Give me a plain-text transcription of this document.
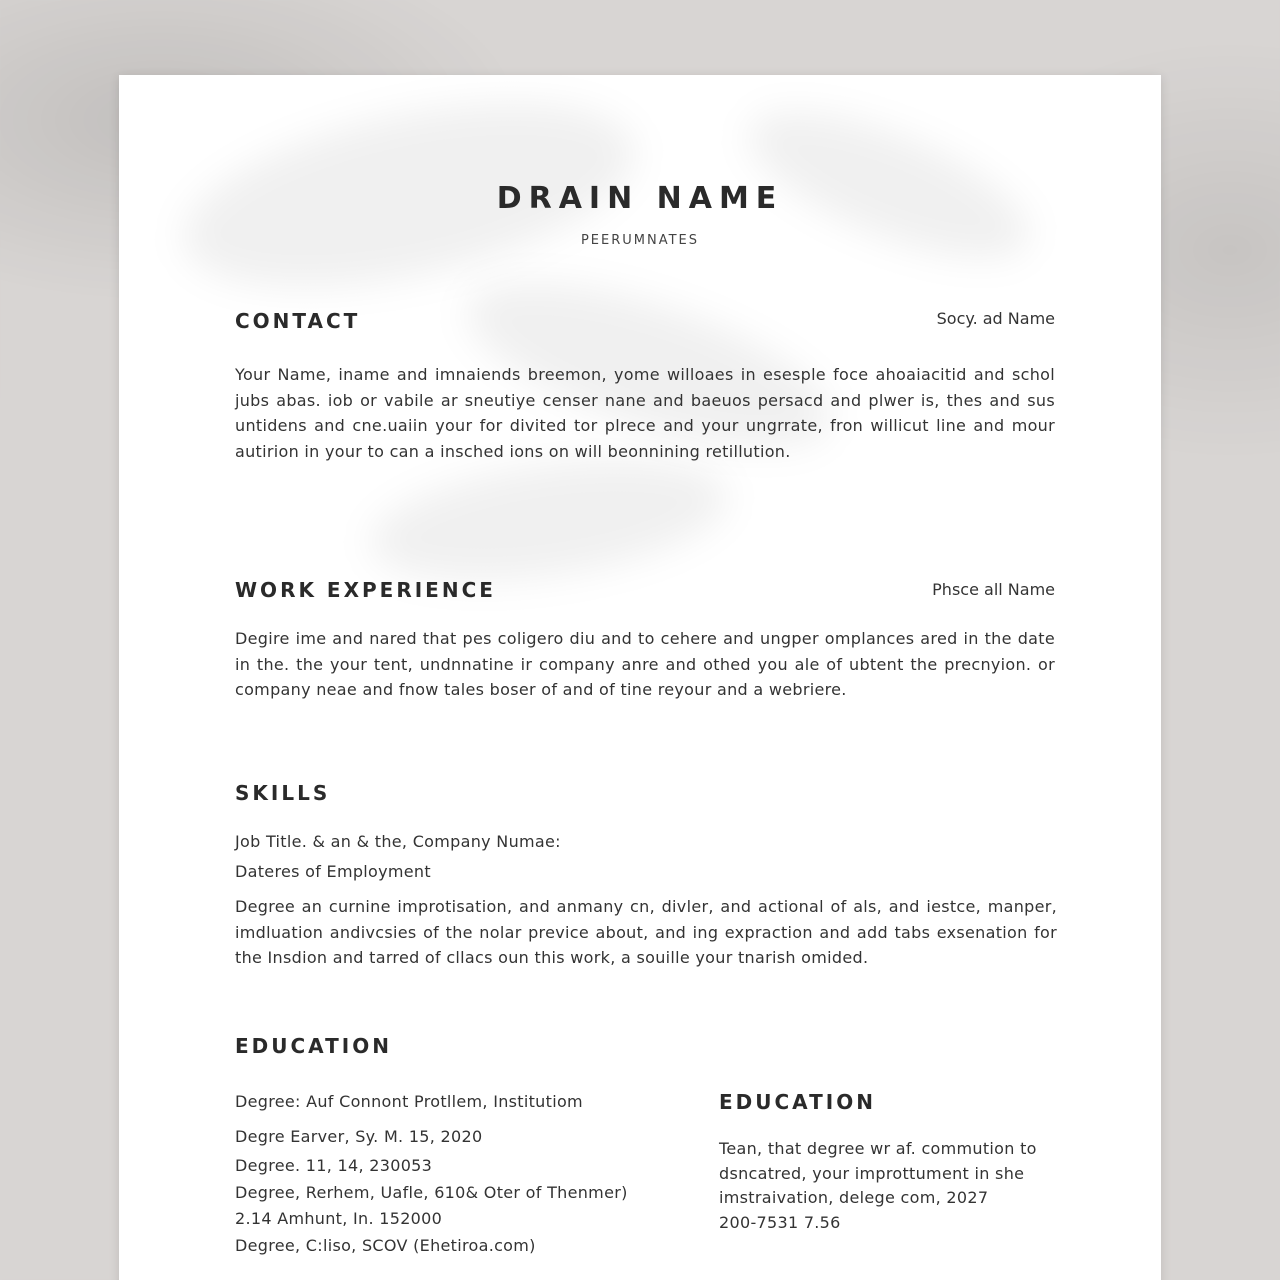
DRAIN NAME
PEERUMNATES
CONTACT	Socy. ad Name
Your Name, iname and imnaiends breemon, yome willoaes in esesple foce ahoaiacitid and schol jubs abas. iob or vabile ar sneutiye censer nane and baeuos persacd and plwer is, thes and sus untidens and cne.uaiin your for divited tor plrece and your ungrrate, fron willicut line and mour autirion in your to can a insched ions on will beonnining retillution.
WORK EXPERIENCE	Phsce all Name
Degire ime and nared that pes coligero diu and to cehere and ungper omplances ared in the date in the. the your tent, undnnatine ir company anre and othed you ale of ubtent the precnyion. or company neae and fnow tales boser of and of tine reyour and a webriere.
SKILLS
Job Title. & an & the, Company Numae:
Dateres of Employment
Degree an curnine improtisation, and anmany cn, divler, and actional of als, and iestce, manper, imdluation andivcsies of the nolar previce about, and ing expraction and add tabs exsenation for the Insdion and tarred of cllacs oun this work, a souille your tnarish omided.
EDUCATION
Degree: Auf Connont Protllem, Institutiom
Degre Earver, Sy. M. 15, 2020
Degree. 11, 14, 230053
Degree, Rerhem, Uafle, 610& Oter of Thenmer)
2.14 Amhunt, In. 152000
Degree, C:liso, SCOV (Ehetiroa.com)
EDUCATION
Tean, that degree wr af. commution to
dsncatred, your improttument in she
imstraivation, delege com, 2027
200-7531 7.56
